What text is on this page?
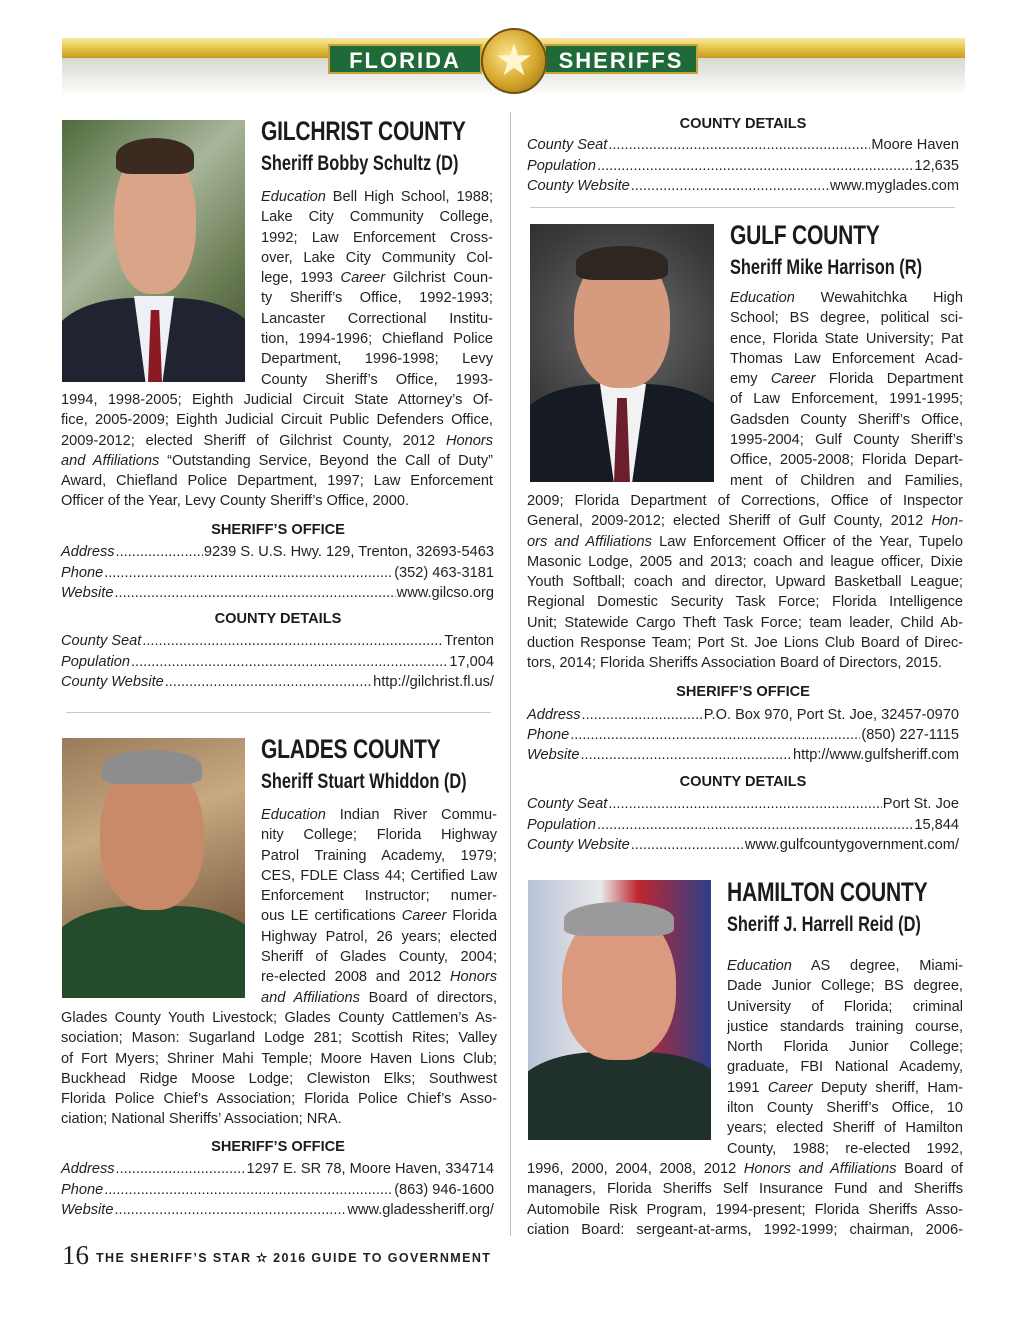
FLORIDA	SHERIFFS
★
GILCHRIST COUNTY
Sheriff Bobby Schultz (D)
Education Bell High School, 1988;
Lake City Community College,
1992; Law Enforcement Cross-
over, Lake City Community Col-
lege, 1993 Career Gilchrist Coun-
ty Sheriff’s Office, 1992-1993;
Lancaster Correctional Institu-
tion, 1994-1996; Chiefland Police
Department, 1996-1998; Levy
County Sheriff’s Office, 1993-
1994, 1998-2005; Eighth Judicial Circuit State Attorney’s Of-
fice, 2005-2009; Eighth Judicial Circuit Public Defenders Office,
2009-2012; elected Sheriff of Gilchrist County, 2012 Honors
and Affiliations “Outstanding Service, Beyond the Call of Duty”
Award, Chiefland Police Department, 1997; Law Enforcement
Officer of the Year, Levy County Sheriff’s Office, 2000.
SHERIFF’S OFFICE
Address .....	9239 S. U.S. Hwy. 129, Trenton, 32693-5463
Phone .....	(352) 463-3181
Website .....	www.gilcso.org
COUNTY DETAILS
County Seat .....	Trenton
Population .....	17,004
County Website .....	http://gilchrist.fl.us/
GLADES COUNTY
Sheriff Stuart Whiddon (D)
Education Indian River Commu-
nity College; Florida Highway
Patrol Training Academy, 1979;
CES, FDLE Class 44; Certified Law
Enforcement Instructor; numer-
ous LE certifications Career Florida
Highway Patrol, 26 years; elected
Sheriff of Glades County, 2004;
re-elected 2008 and 2012 Honors
and Affiliations Board of directors,
Glades County Youth Livestock; Glades County Cattlemen’s As-
sociation; Mason: Sugarland Lodge 281; Scottish Rites; Valley
of Fort Myers; Shriner Mahi Temple; Moore Haven Lions Club;
Buckhead Ridge Moose Lodge; Clewiston Elks; Southwest
Florida Police Chief’s Association; Florida Police Chief’s Asso-
ciation; National Sheriffs’ Association; NRA.
SHERIFF’S OFFICE
Address .....	1297 E. SR 78, Moore Haven, 334714
Phone .....	(863) 946-1600
Website .....	www.gladessheriff.org/
COUNTY DETAILS
County Seat .....	Moore Haven
Population .....	12,635
County Website .....	www.myglades.com
GULF COUNTY
Sheriff Mike Harrison (R)
Education Wewahitchka High
School; BS degree, political sci-
ence, Florida State University; Pat
Thomas Law Enforcement Acad-
emy Career Florida Department
of Law Enforcement, 1991-1995;
Gadsden County Sheriff’s Office,
1995-2004; Gulf County Sheriff’s
Office, 2005-2008; Florida Depart-
ment of Children and Families,
2009; Florida Department of Corrections, Office of Inspector
General, 2009-2012; elected Sheriff of Gulf County, 2012 Hon-
ors and Affiliations Law Enforcement Officer of the Year, Tupelo
Masonic Lodge, 2005 and 2013; coach and league officer, Dixie
Youth Softball; coach and director, Upward Basketball League;
Regional Domestic Security Task Force; Florida Intelligence
Unit; Statewide Cargo Theft Task Force; team leader, Child Ab-
duction Response Team; Port St. Joe Lions Club Board of Direc-
tors, 2014; Florida Sheriffs Association Board of Directors, 2015.
SHERIFF’S OFFICE
Address .....	P.O. Box 970, Port St. Joe, 32457-0970
Phone .....	(850) 227-1115
Website .....	http://www.gulfsheriff.com
COUNTY DETAILS
County Seat .....	Port St. Joe
Population .....	15,844
County Website .....	www.gulfcountygovernment.com/
HAMILTON COUNTY
Sheriff J. Harrell Reid (D)
Education AS degree, Miami-
Dade Junior College; BS degree,
University of Florida; criminal
justice standards training course,
North Florida Junior College;
graduate, FBI National Academy,
1991 Career Deputy sheriff, Ham-
ilton County Sheriff’s Office, 10
years; elected Sheriff of Hamilton
County, 1988; re-elected 1992,
1996, 2000, 2004, 2008, 2012 Honors and Affiliations Board of
managers, Florida Sheriffs Self Insurance Fund and Sheriffs
Automobile Risk Program, 1994-present; Florida Sheriffs Asso-
ciation Board: sergeant-at-arms, 1992-1999; chairman, 2006-
16 THE SHERIFF’S STAR ✫ 2016 GUIDE TO GOVERNMENT
